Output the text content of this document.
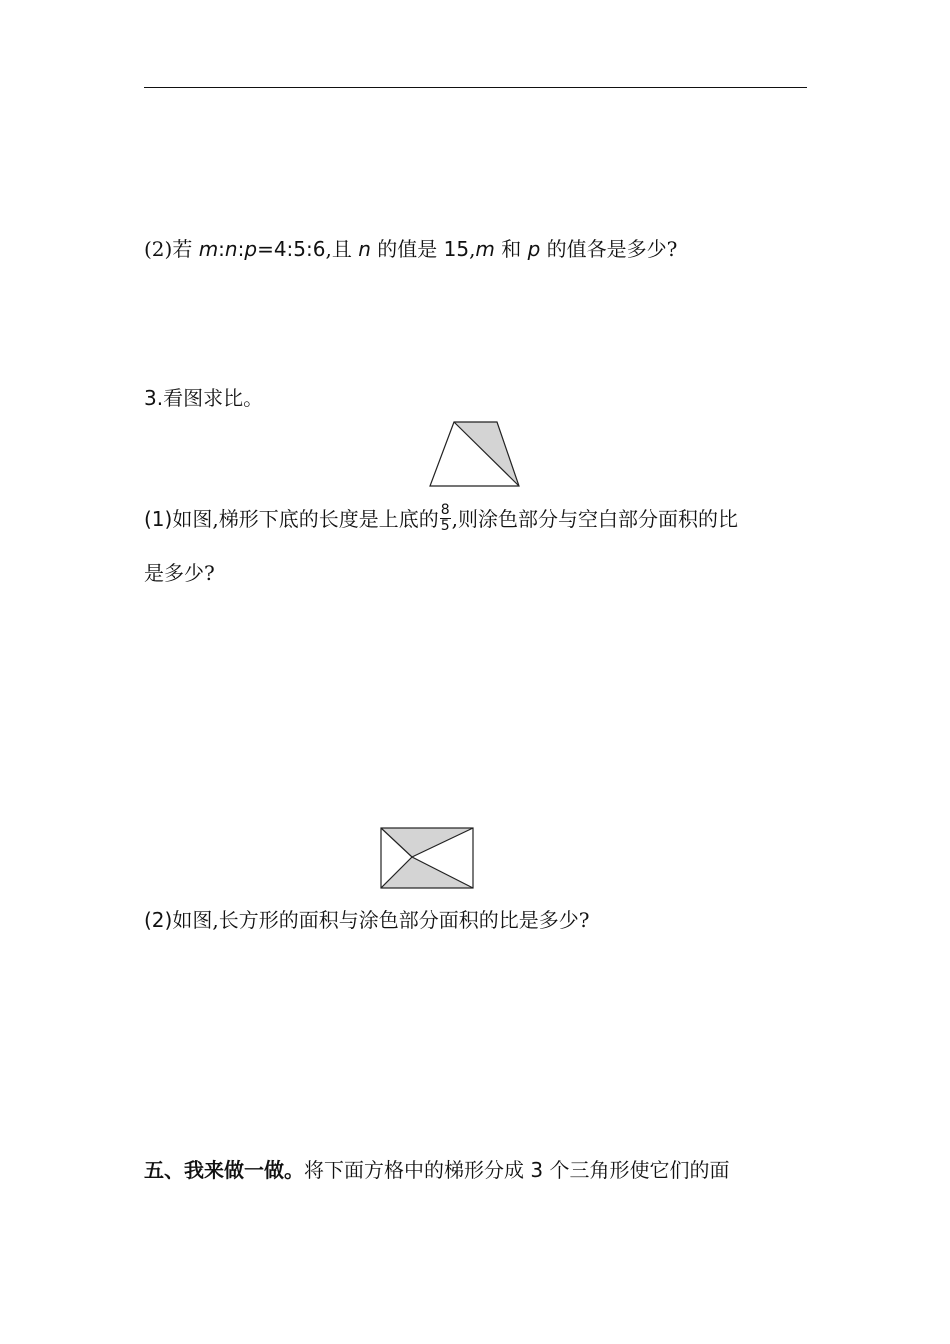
(2)若 m:n:p=4:5:6,且 n 的值是 15,m 和 p 的值各是多少?
3.看图求比。
(1)如图,梯形下底的长度是上底的 $\frac{8}{5}$ ,则涂色部分与空白部分面积的比
是多少?
(2)如图,长方形的面积与涂色部分面积的比是多少?
五、我来做一做。将下面方格中的梯形分成 3 个三角形使它们的面
